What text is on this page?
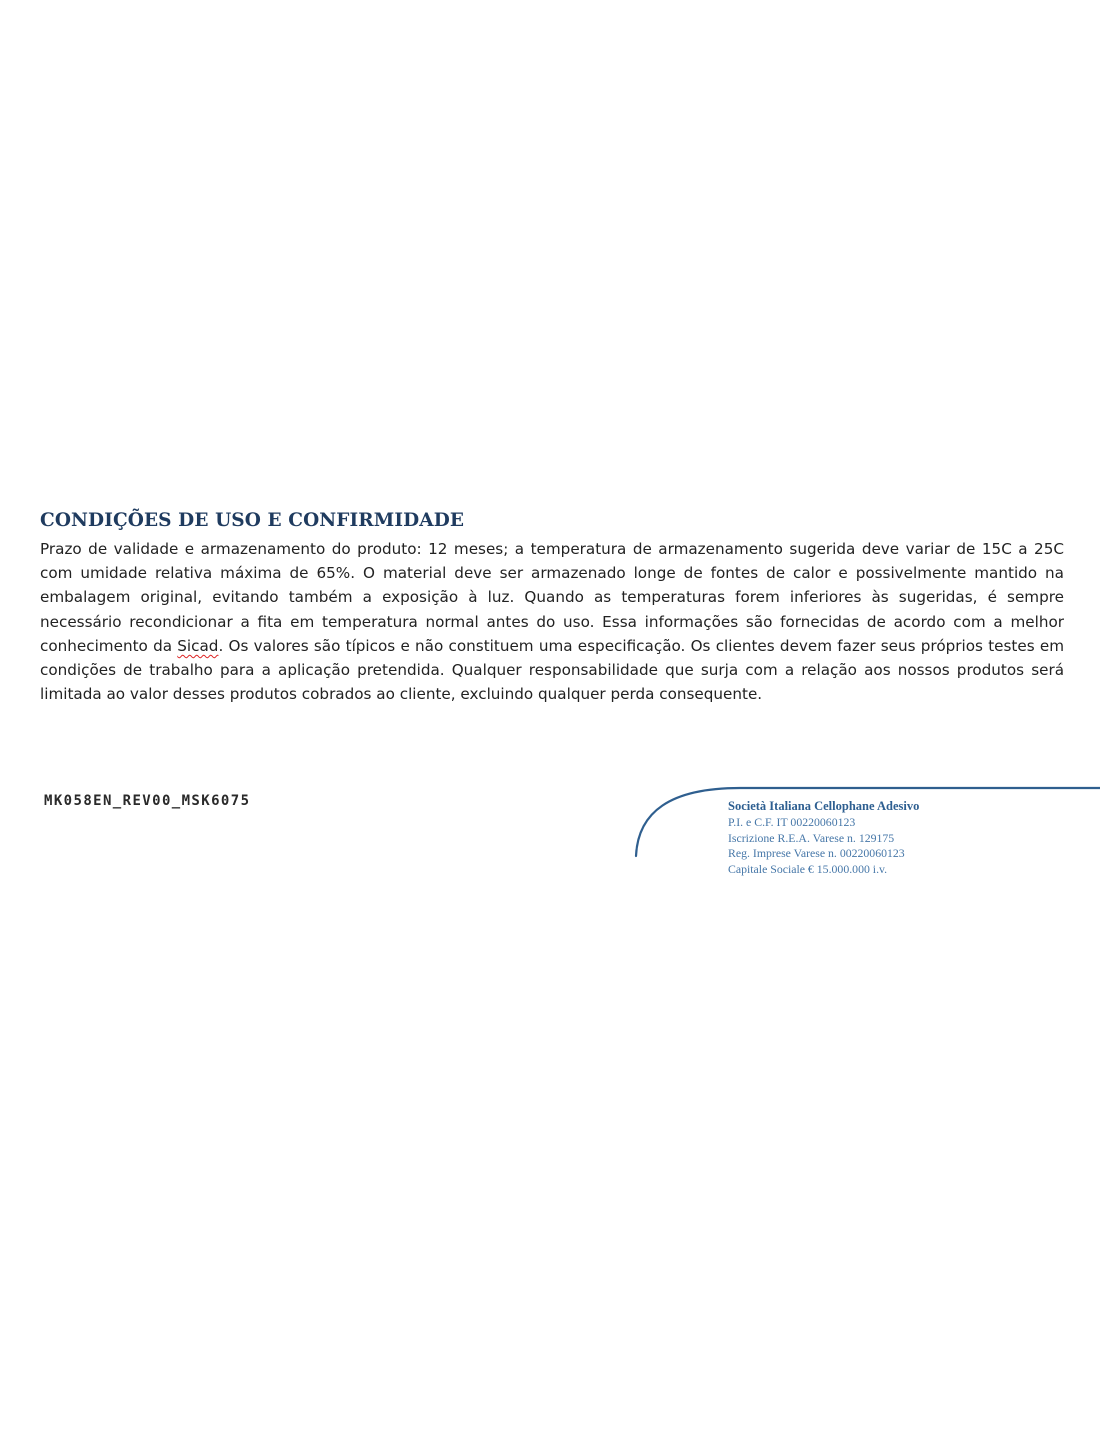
CONDIÇÕES DE USO E CONFIRMIDADE

Prazo de validade e armazenamento do produto: 12 meses; a temperatura de armazenamento sugerida deve variar de 15C a 25C com umidade relativa máxima de 65%. O material deve ser armazenado longe de fontes de calor e possivelmente mantido na embalagem original, evitando também a exposição à luz. Quando as temperaturas forem inferiores às sugeridas, é sempre necessário recondicionar a fita em temperatura normal antes do uso. Essa informações são fornecidas de acordo com a melhor conhecimento da Sicad. Os valores são típicos e não constituem uma especificação. Os clientes devem fazer seus próprios testes em condições de trabalho para a aplicação pretendida. Qualquer responsabilidade que surja com a relação aos nossos produtos será limitada ao valor desses produtos cobrados ao cliente, excluindo qualquer perda consequente.

MK058EN_REV00_MSK6075	Società Italiana Cellophane Adesivo

P.I. e C.F. IT 00220060123

Iscrizione R.E.A. Varese n. 129175

Reg. Imprese Varese n. 00220060123

Capitale Sociale € 15.000.000 i.v.
